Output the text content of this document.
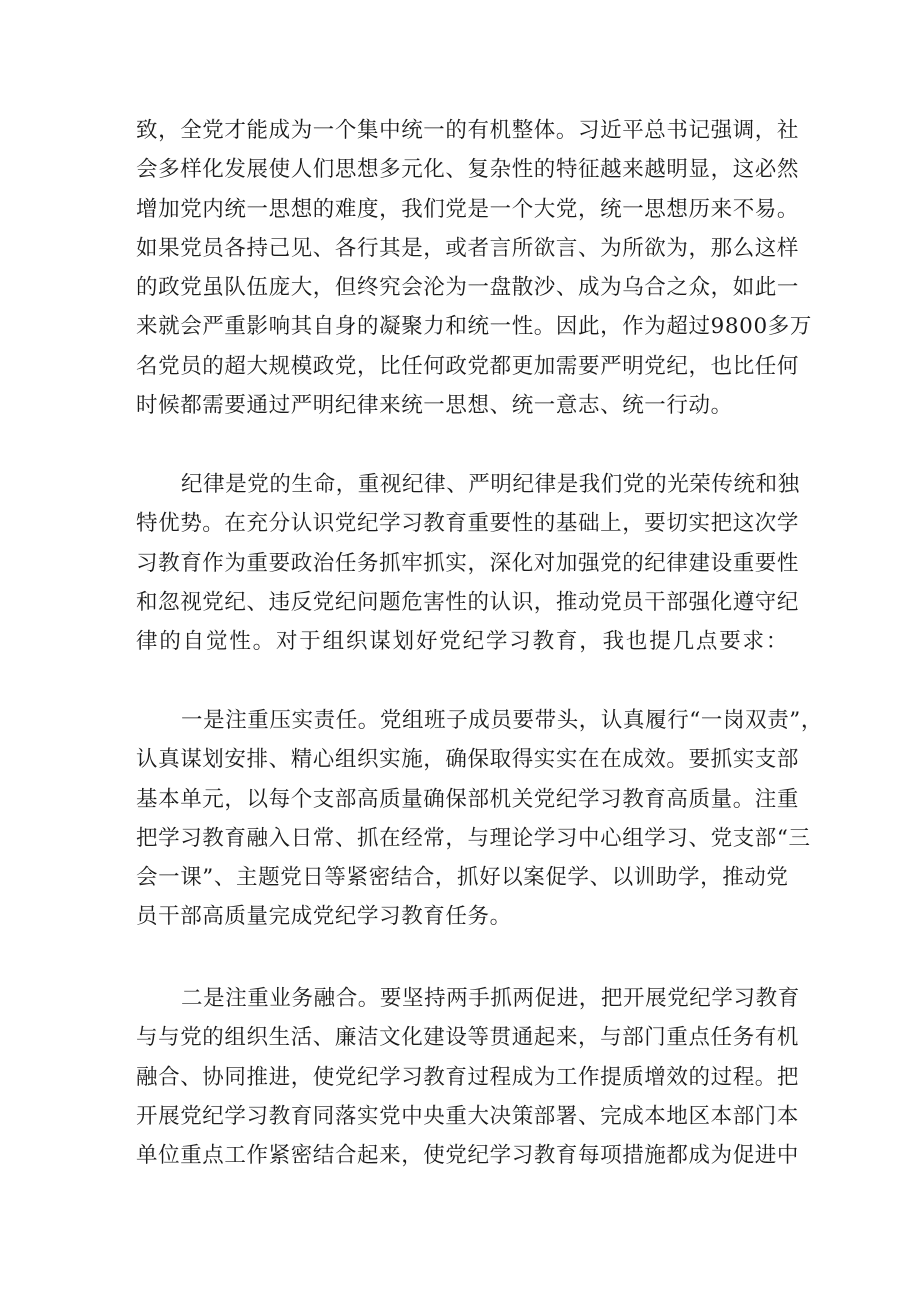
致，全党才能成为一个集中统一的有机整体。习近平总书记强调，社
会多样化发展使人们思想多元化、复杂性的特征越来越明显，这必然
增加党内统一思想的难度，我们党是一个大党，统一思想历来不易。
如果党员各持己见、各行其是，或者言所欲言、为所欲为，那么这样
的政党虽队伍庞大，但终究会沦为一盘散沙、成为乌合之众，如此一
来就会严重影响其自身的凝聚力和统一性。因此，作为超过9800多万
名党员的超大规模政党，比任何政党都更加需要严明党纪，也比任何
时候都需要通过严明纪律来统一思想、统一意志、统一行动。
纪律是党的生命，重视纪律、严明纪律是我们党的光荣传统和独
特优势。在充分认识党纪学习教育重要性的基础上，要切实把这次学
习教育作为重要政治任务抓牢抓实，深化对加强党的纪律建设重要性
和忽视党纪、违反党纪问题危害性的认识，推动党员干部强化遵守纪
律的自觉性。对于组织谋划好党纪学习教育，我也提几点要求：
一是注重压实责任。党组班子成员要带头，认真履行“一岗双责”，
认真谋划安排、精心组织实施，确保取得实实在在成效。要抓实支部
基本单元，以每个支部高质量确保部机关党纪学习教育高质量。注重
把学习教育融入日常、抓在经常，与理论学习中心组学习、党支部“三
会一课”、主题党日等紧密结合，抓好以案促学、以训助学，推动党
员干部高质量完成党纪学习教育任务。
二是注重业务融合。要坚持两手抓两促进，把开展党纪学习教育
与与党的组织生活、廉洁文化建设等贯通起来，与部门重点任务有机
融合、协同推进，使党纪学习教育过程成为工作提质增效的过程。把
开展党纪学习教育同落实党中央重大决策部署、完成本地区本部门本
单位重点工作紧密结合起来，使党纪学习教育每项措施都成为促进中
